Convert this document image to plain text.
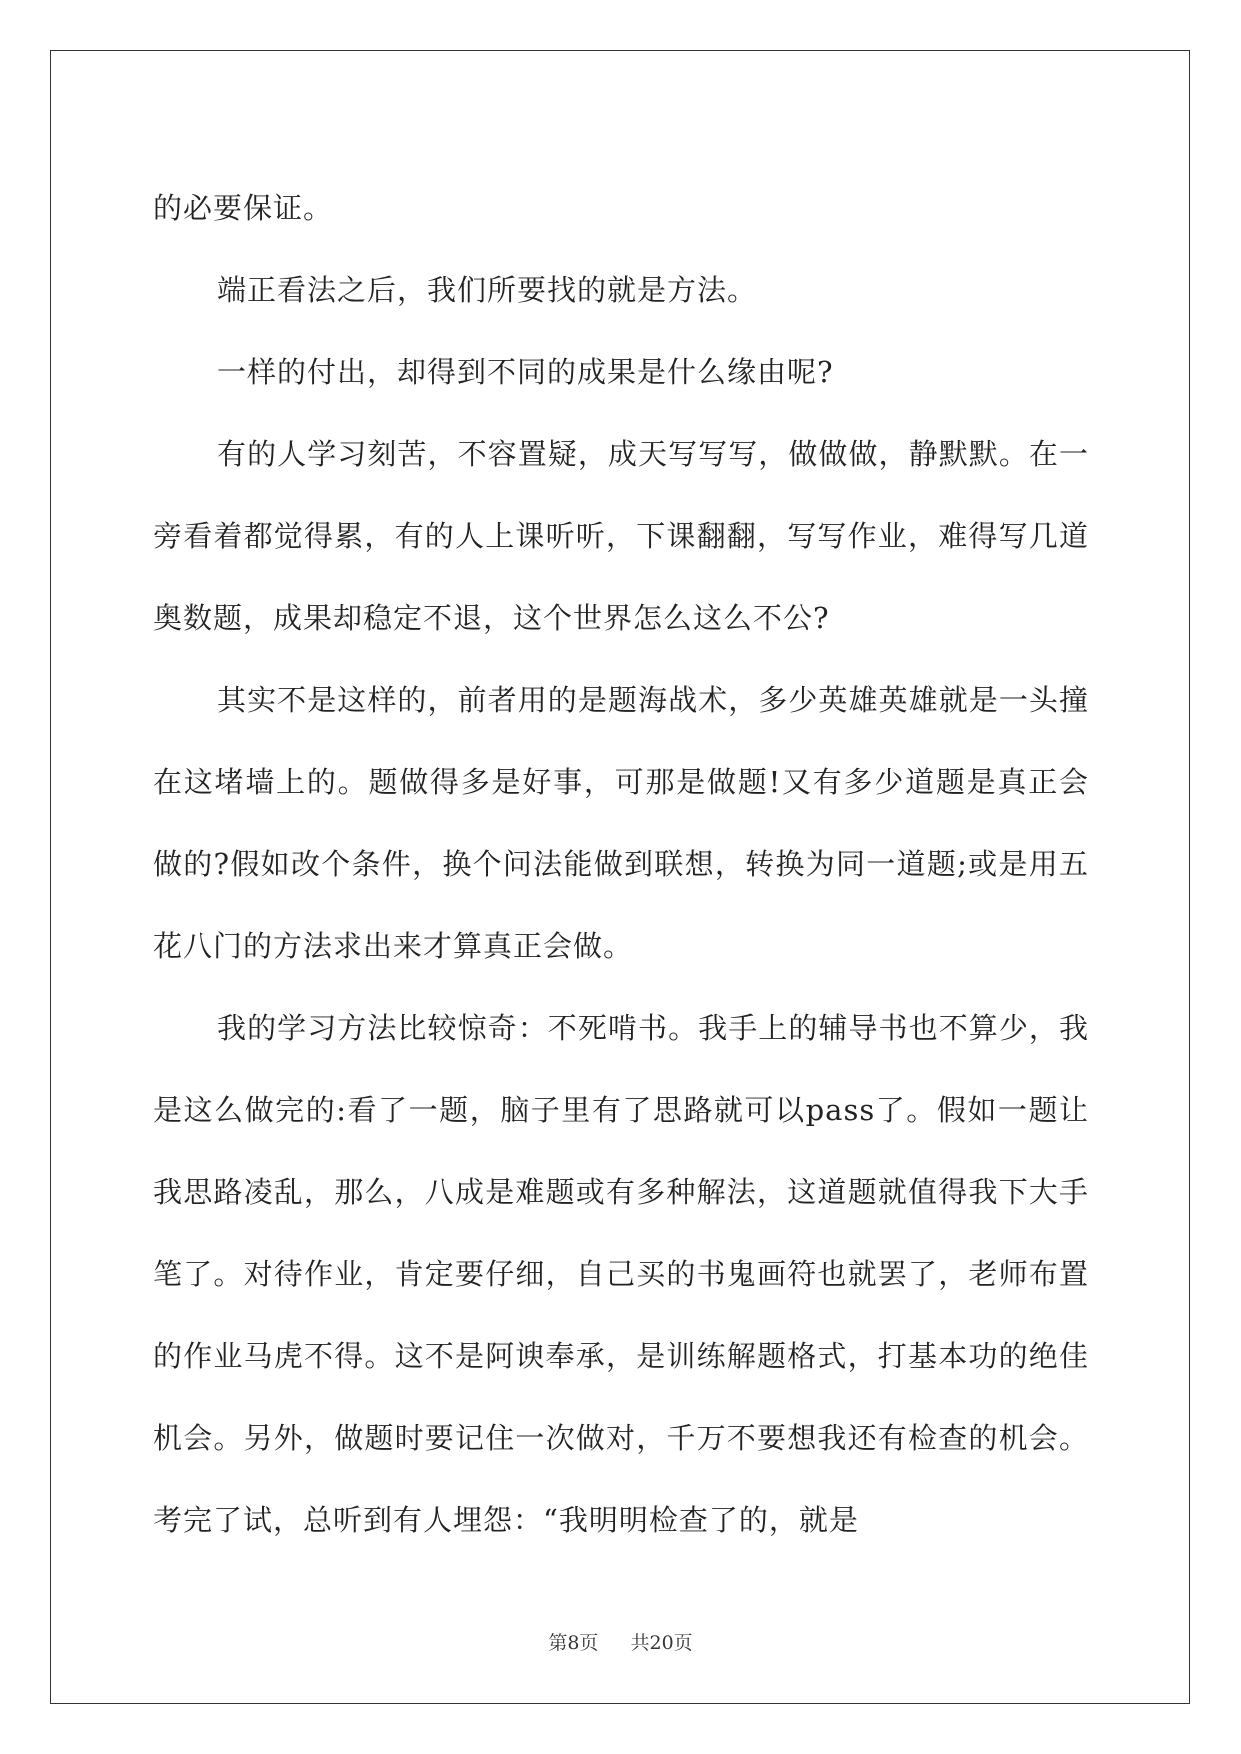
的必要保证。

端正看法之后，我们所要找的就是方法。

一样的付出，却得到不同的成果是什么缘由呢?

有的人学习刻苦，不容置疑，成天写写写，做做做，静默默。在一旁看着都觉得累，有的人上课听听，下课翻翻，写写作业，难得写几道奥数题，成果却稳定不退，这个世界怎么这么不公?

其实不是这样的，前者用的是题海战术，多少英雄英雄就是一头撞在这堵墙上的。题做得多是好事，可那是做题!又有多少道题是真正会做的?假如改个条件，换个问法能做到联想，转换为同一道题;或是用五花八门的方法求出来才算真正会做。

我的学习方法比较惊奇：不死啃书。我手上的辅导书也不算少，我是这么做完的:看了一题，脑子里有了思路就可以pass了。假如一题让我思路凌乱，那么，八成是难题或有多种解法，这道题就值得我下大手笔了。对待作业，肯定要仔细，自己买的书鬼画符也就罢了，老师布置的作业马虎不得。这不是阿谀奉承，是训练解题格式，打基本功的绝佳机会。另外，做题时要记住一次做对，千万不要想我还有检查的机会。考完了试，总听到有人埋怨：“我明明检查了的，就是

第8页 共20页
